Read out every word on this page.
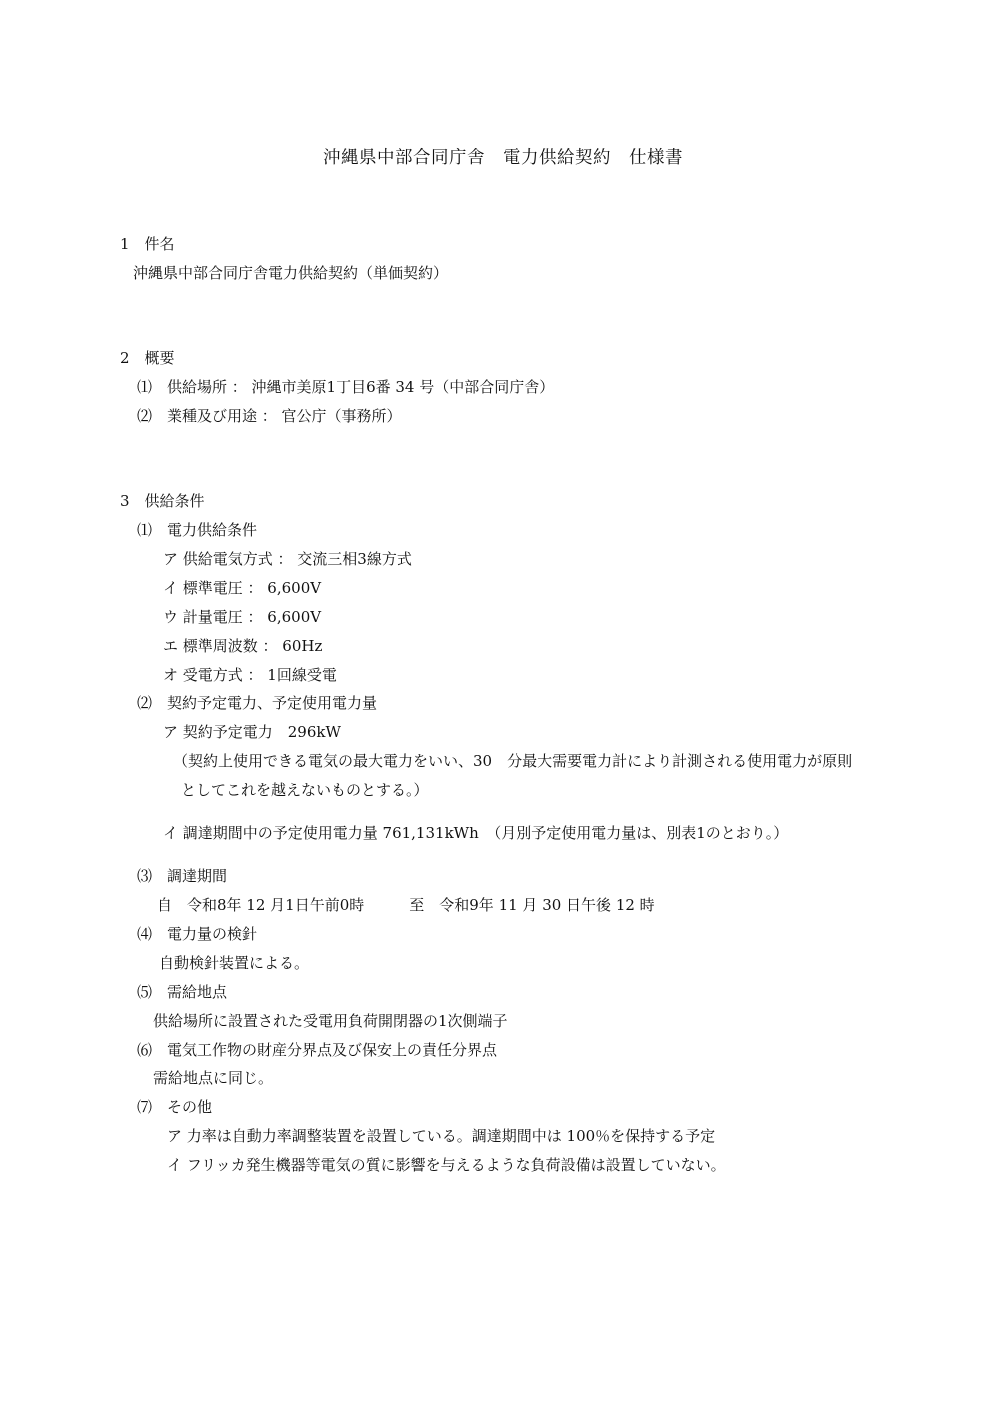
沖縄県中部合同庁舎　電力供給契約　仕様書
1　件名
沖縄県中部合同庁舎電力供給契約（単価契約）
2　概要
⑴　供給場所 ： 沖縄市美原1丁目6番 34 号（中部合同庁舎）
⑵　業種及び用途 ： 官公庁（事務所）
3　供給条件
⑴　電力供給条件
ア 供給電気方式 ： 交流三相3線方式
イ 標準電圧 ： 6,600V
ウ 計量電圧 ： 6,600V
エ 標準周波数 ： 60Hz
オ 受電方式 ： 1回線受電
⑵　契約予定電力、予定使用電力量
ア 契約予定電力　296kW
（契約上使用できる電気の最大電力をいい、30　分最大需要電力計により計測される使用電力が原則
としてこれを越えないものとする。）
イ 調達期間中の予定使用電力量 761,131kWh　（月別予定使用電力量は、別表1のとおり。）
⑶　調達期間
自　令和8年 12 月1日午前0時　　　至　令和9年 11 月 30 日午後 12 時
⑷　電力量の検針
自動検針装置による。
⑸　需給地点
供給場所に設置された受電用負荷開閉器の1次側端子
⑹　電気工作物の財産分界点及び保安上の責任分界点
需給地点に同じ。
⑺　その他
ア 力率は自動力率調整装置を設置している。調達期間中は 100％を保持する予定
イ フリッカ発生機器等電気の質に影響を与えるような負荷設備は設置していない。
